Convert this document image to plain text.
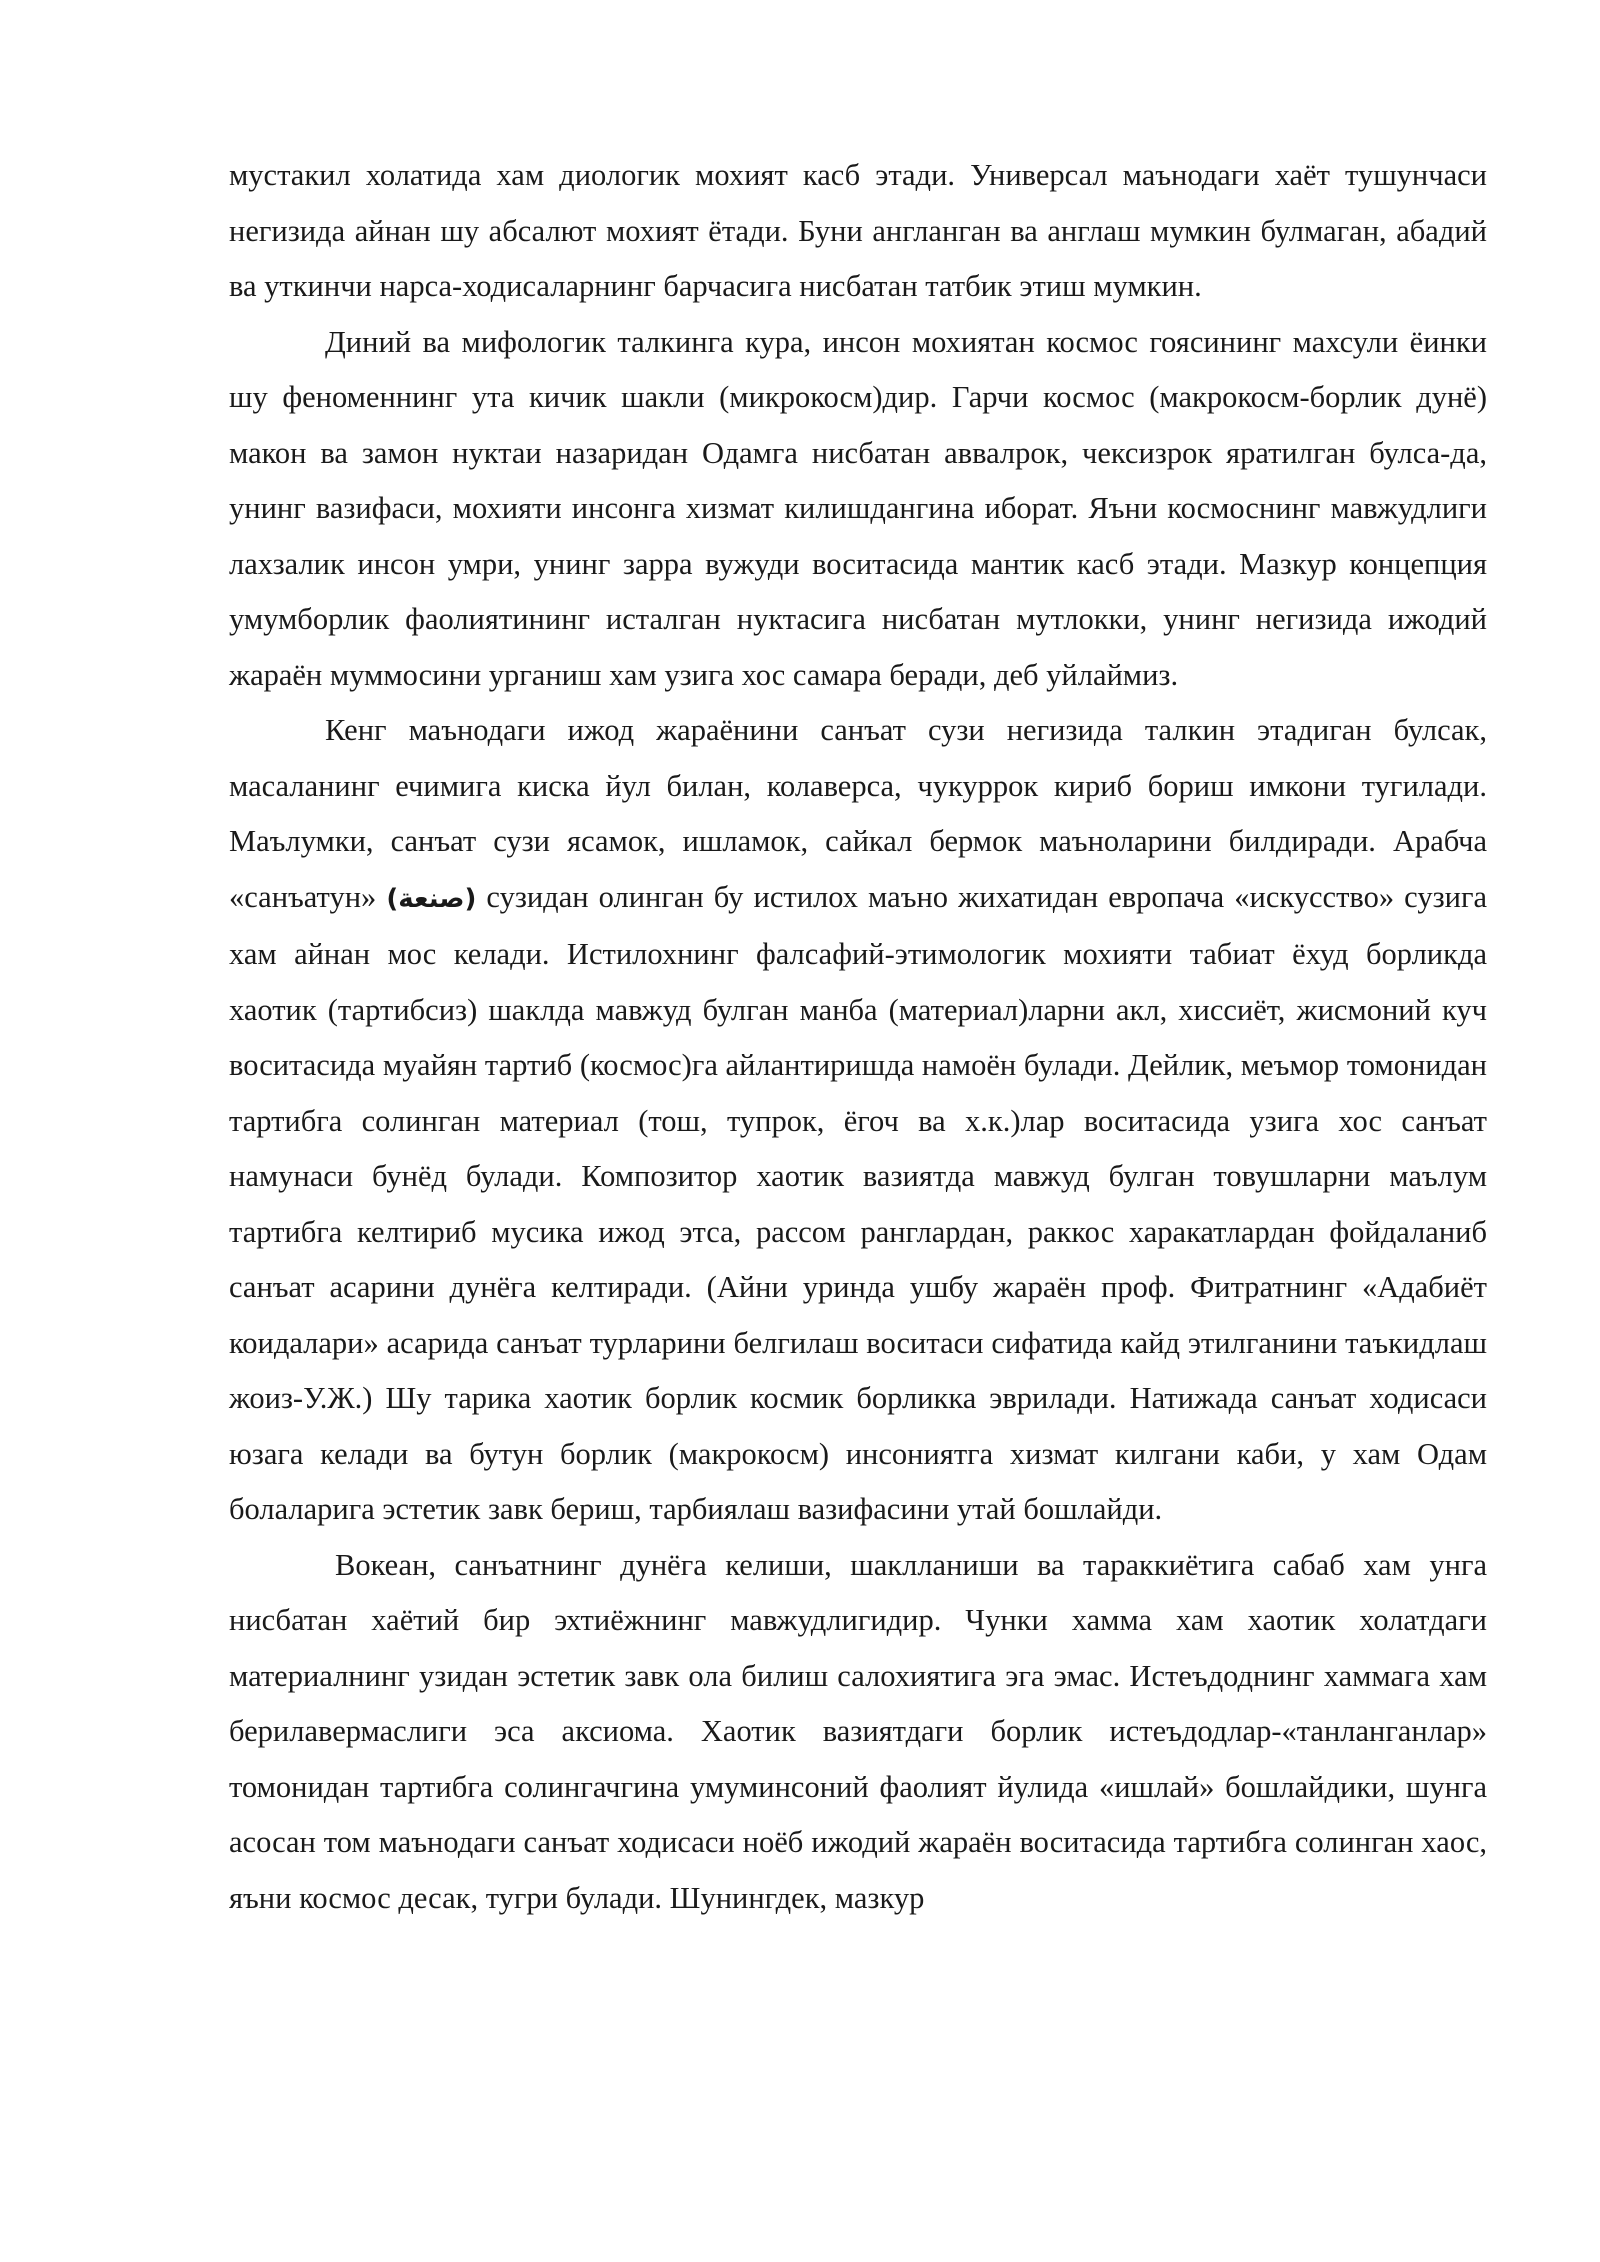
мустакил холатида хам диологик мохият касб этади. Универсал маънодаги хаёт тушунчаси негизида айнан шу абсалют мохият ётади. Буни англанган ва англаш мумкин булмаган, абадий ва уткинчи нарса-ходисаларнинг барчасига нисбатан татбик этиш мумкин.

Диний ва мифологик талкинга кура, инсон мохиятан космос гоясининг махсули ёинки шу феноменнинг ута кичик шакли (микрокосм)дир. Гарчи космос (макрокосм-борлик дунё) макон ва замон нуктаи назаридан Одамга нисбатан аввалрок, чексизрок яратилган булса-да, унинг вазифаси, мохияти инсонга хизмат килишдангина иборат. Яъни космоснинг мавжудлиги лахзалик инсон умри, унинг зарра вужуди воситасида мантик касб этади. Мазкур концепция умумборлик фаолиятининг исталган нуктасига нисбатан мутлокки, унинг негизида ижодий жараён муммосини урганиш хам узига хос самара беради, деб уйлаймиз.

Кенг маънодаги ижод жараёнини санъат сузи негизида талкин этадиган булсак, масаланинг ечимига киска йул билан, колаверса, чукуррок кириб бориш имкони тугилади. Маълумки, санъат сузи ясамок, ишламок, сайкал бермок маъноларини билдиради. Арабча «санъатун» (صنعة) сузидан олинган бу истилох маъно жихатидан европача «искусство» сузига хам айнан мос келади. Истилохнинг фалсафий-этимологик мохияти табиат ёхуд борликда хаотик (тартибсиз) шаклда мавжуд булган манба (материал)ларни акл, хиссиёт, жисмоний куч воситасида муайян тартиб (космос)га айлантиришда намоён булади. Дейлик, меъмор томонидан тартибга солинган материал (тош, тупрок, ёгоч ва х.к.)лар воситасида узига хос санъат намунаси бунёд булади. Композитор хаотик вазиятда мавжуд булган товушларни маълум тартибга келтириб мусика ижод этса, рассом ранглардан, раккос харакатлардан фойдаланиб санъат асарини дунёга келтиради. (Айни уринда ушбу жараён проф. Фитратнинг «Адабиёт коидалари» асарида санъат турларини белгилаш воситаси сифатида кайд этилганини таъкидлаш жоиз-У.Ж.) Шу тарика хаотик борлик космик борликка эврилади. Натижада санъат ходисаси юзага келади ва бутун борлик (макрокосм) инсониятга хизмат килгани каби, у хам Одам болаларига эстетик завк бериш, тарбиялаш вазифасини утай бошлайди.

Вокеан, санъатнинг дунёга келиши, шаклланиши ва тараккиётига сабаб хам унга нисбатан хаётий бир эхтиёжнинг мавжудлигидир. Чунки хамма хам хаотик холатдаги материалнинг узидан эстетик завк ола билиш салохиятига эга эмас. Истеъдоднинг хаммага хам берилавермаслиги эса аксиома. Хаотик вазиятдаги борлик истеъдодлар-«танланганлар» томонидан тартибга солингачгина умуминсоний фаолият йулида «ишлай» бошлайдики, шунга асосан том маънодаги санъат ходисаси ноёб ижодий жараён воситасида тартибга солинган хаос, яъни космос десак, тугри булади. Шунингдек, мазкур
